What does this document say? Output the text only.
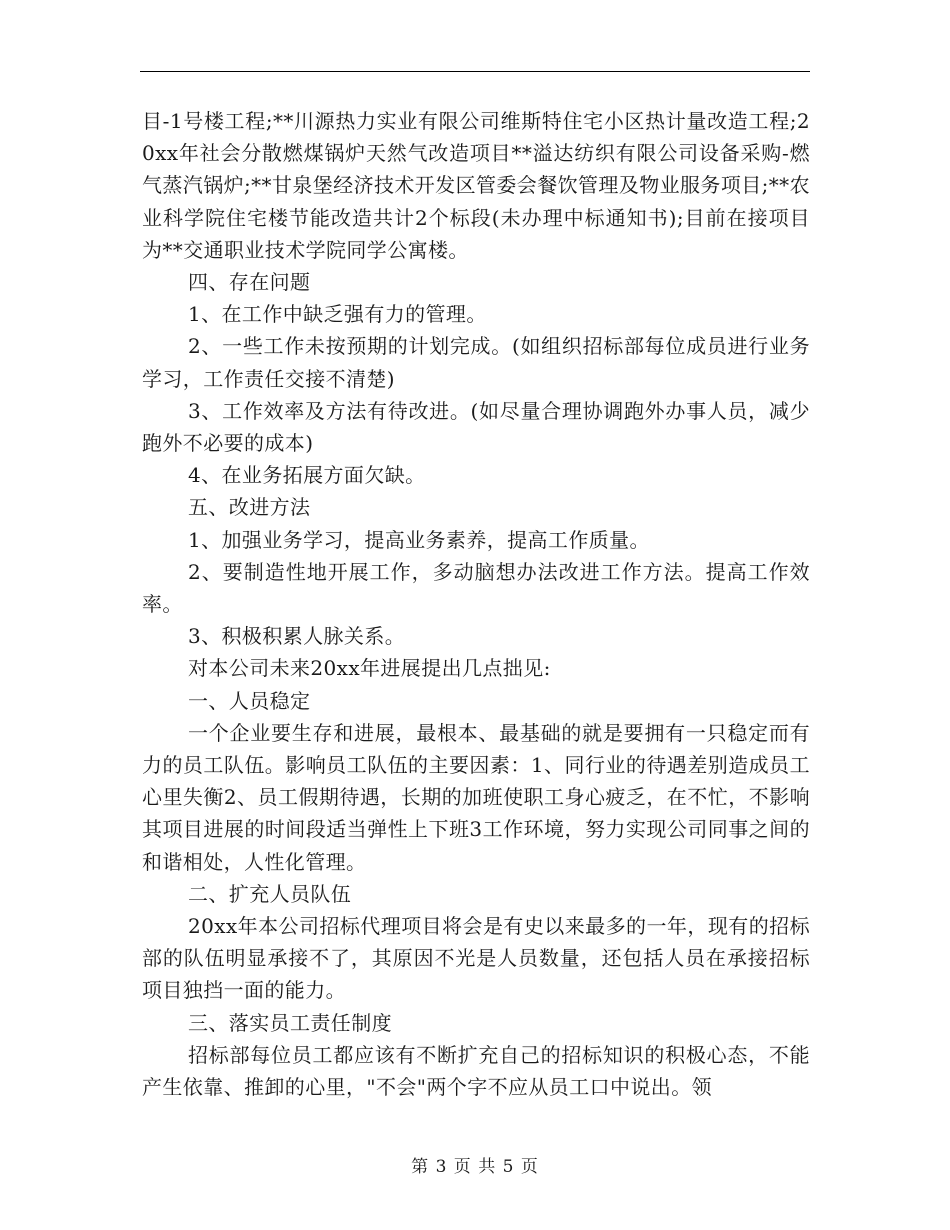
目-1号楼工程;**川源热力实业有限公司维斯特住宅小区热计量改造工程;20xx年社会分散燃煤锅炉天然气改造项目**溢达纺织有限公司设备采购-燃气蒸汽锅炉;**甘泉堡经济技术开发区管委会餐饮管理及物业服务项目;**农业科学院住宅楼节能改造共计2个标段(未办理中标通知书);目前在接项目为**交通职业技术学院同学公寓楼。

四、存在问题

1、在工作中缺乏强有力的管理。

2、一些工作未按预期的计划完成。(如组织招标部每位成员进行业务学习，工作责任交接不清楚)

3、工作效率及方法有待改进。(如尽量合理协调跑外办事人员，减少跑外不必要的成本)

4、在业务拓展方面欠缺。

五、改进方法

1、加强业务学习，提高业务素养，提高工作质量。

2、要制造性地开展工作，多动脑想办法改进工作方法。提高工作效率。

3、积极积累人脉关系。

对本公司未来20xx年进展提出几点拙见:

一、人员稳定

一个企业要生存和进展，最根本、最基础的就是要拥有一只稳定而有力的员工队伍。影响员工队伍的主要因素：1、同行业的待遇差别造成员工心里失衡2、员工假期待遇，长期的加班使职工身心疲乏，在不忙，不影响其项目进展的时间段适当弹性上下班3工作环境，努力实现公司同事之间的和谐相处，人性化管理。

二、扩充人员队伍

20xx年本公司招标代理项目将会是有史以来最多的一年，现有的招标部的队伍明显承接不了，其原因不光是人员数量，还包括人员在承接招标项目独挡一面的能力。

三、落实员工责任制度

招标部每位员工都应该有不断扩充自己的招标知识的积极心态，不能产生依靠、推卸的心里，"不会"两个字不应从员工口中说出。领

第 3 页 共 5 页
